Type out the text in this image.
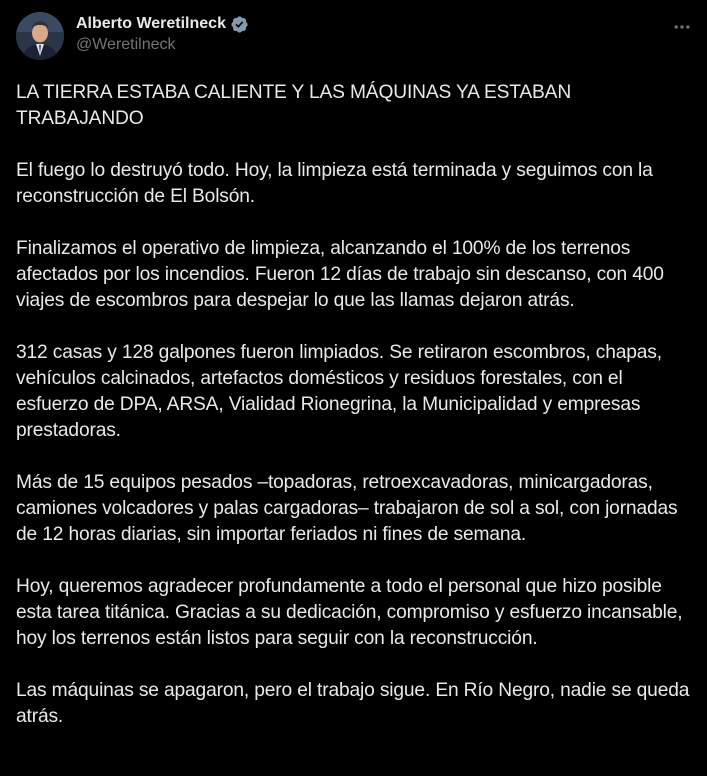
Alberto Weretilneck
@Weretilneck

LA TIERRA ESTABA CALIENTE Y LAS MÁQUINAS YA ESTABAN TRABAJANDO

El fuego lo destruyó todo. Hoy, la limpieza está terminada y seguimos con la reconstrucción de El Bolsón.

Finalizamos el operativo de limpieza, alcanzando el 100% de los terrenos afectados por los incendios. Fueron 12 días de trabajo sin descanso, con 400 viajes de escombros para despejar lo que las llamas dejaron atrás.

312 casas y 128 galpones fueron limpiados. Se retiraron escombros, chapas, vehículos calcinados, artefactos domésticos y residuos forestales, con el esfuerzo de DPA, ARSA, Vialidad Rionegrina, la Municipalidad y empresas prestadoras.

Más de 15 equipos pesados –topadoras, retroexcavadoras, minicargadoras, camiones volcadores y palas cargadoras– trabajaron de sol a sol, con jornadas de 12 horas diarias, sin importar feriados ni fines de semana.

Hoy, queremos agradecer profundamente a todo el personal que hizo posible esta tarea titánica. Gracias a su dedicación, compromiso y esfuerzo incansable, hoy los terrenos están listos para seguir con la reconstrucción.

Las máquinas se apagaron, pero el trabajo sigue. En Río Negro, nadie se queda atrás.
